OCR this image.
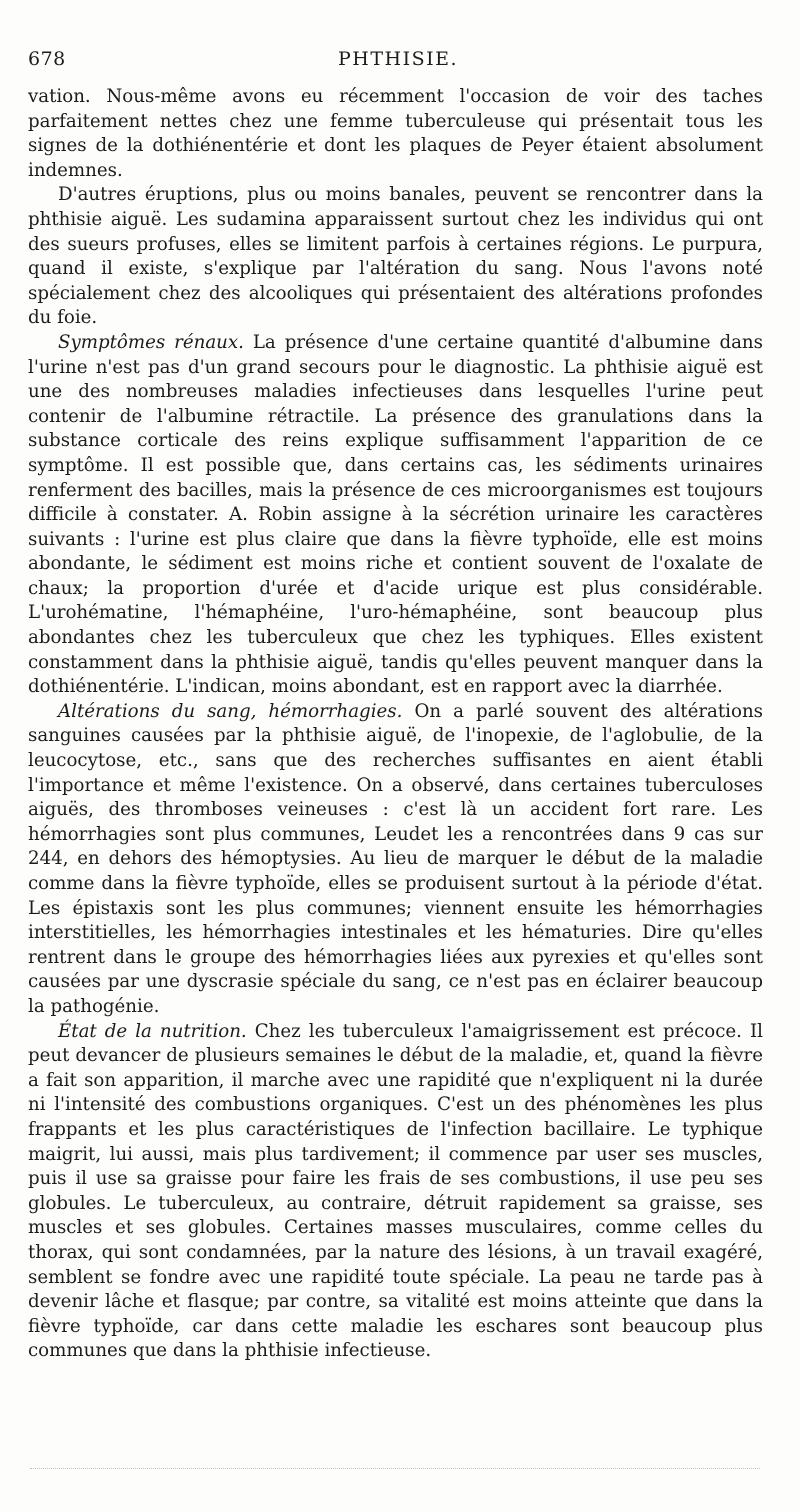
678	PHTHISIE.

vation. Nous-même avons eu récemment l'occasion de voir des taches parfaitement nettes chez une femme tuberculeuse qui présentait tous les signes de la dothiénentérie et dont les plaques de Peyer étaient absolument indemnes.

D'autres éruptions, plus ou moins banales, peuvent se rencontrer dans la phthisie aiguë. Les sudamina apparaissent surtout chez les individus qui ont des sueurs profuses, elles se limitent parfois à certaines régions. Le purpura, quand il existe, s'explique par l'altération du sang. Nous l'avons noté spécialement chez des alcooliques qui présentaient des altérations profondes du foie.

Symptômes rénaux. La présence d'une certaine quantité d'albumine dans l'urine n'est pas d'un grand secours pour le diagnostic. La phthisie aiguë est une des nombreuses maladies infectieuses dans lesquelles l'urine peut contenir de l'albumine rétractile. La présence des granulations dans la substance corticale des reins explique suffisamment l'apparition de ce symptôme. Il est possible que, dans certains cas, les sédiments urinaires renferment des bacilles, mais la présence de ces microorganismes est toujours difficile à constater. A. Robin assigne à la sécrétion urinaire les caractères suivants : l'urine est plus claire que dans la fièvre typhoïde, elle est moins abondante, le sédiment est moins riche et contient souvent de l'oxalate de chaux; la proportion d'urée et d'acide urique est plus considérable. L'urohématine, l'hémaphéine, l'uro-hémaphéine, sont beaucoup plus abondantes chez les tuberculeux que chez les typhiques. Elles existent constamment dans la phthisie aiguë, tandis qu'elles peuvent manquer dans la dothiénentérie. L'indican, moins abondant, est en rapport avec la diarrhée.

Altérations du sang, hémorrhagies. On a parlé souvent des altérations sanguines causées par la phthisie aiguë, de l'inopexie, de l'aglobulie, de la leucocytose, etc., sans que des recherches suffisantes en aient établi l'importance et même l'existence. On a observé, dans certaines tuberculoses aiguës, des thromboses veineuses : c'est là un accident fort rare. Les hémorrhagies sont plus communes, Leudet les a rencontrées dans 9 cas sur 244, en dehors des hémoptysies. Au lieu de marquer le début de la maladie comme dans la fièvre typhoïde, elles se produisent surtout à la période d'état. Les épistaxis sont les plus communes; viennent ensuite les hémorrhagies interstitielles, les hémorrhagies intestinales et les hématuries. Dire qu'elles rentrent dans le groupe des hémorrhagies liées aux pyrexies et qu'elles sont causées par une dyscrasie spéciale du sang, ce n'est pas en éclairer beaucoup la pathogénie.

État de la nutrition. Chez les tuberculeux l'amaigrissement est précoce. Il peut devancer de plusieurs semaines le début de la maladie, et, quand la fièvre a fait son apparition, il marche avec une rapidité que n'expliquent ni la durée ni l'intensité des combustions organiques. C'est un des phénomènes les plus frappants et les plus caractéristiques de l'infection bacillaire. Le typhique maigrit, lui aussi, mais plus tardivement; il commence par user ses muscles, puis il use sa graisse pour faire les frais de ses combustions, il use peu ses globules. Le tuberculeux, au contraire, détruit rapidement sa graisse, ses muscles et ses globules. Certaines masses musculaires, comme celles du thorax, qui sont condamnées, par la nature des lésions, à un travail exagéré, semblent se fondre avec une rapidité toute spéciale. La peau ne tarde pas à devenir lâche et flasque; par contre, sa vitalité est moins atteinte que dans la fièvre typhoïde, car dans cette maladie les eschares sont beaucoup plus communes que dans la phthisie infectieuse.
